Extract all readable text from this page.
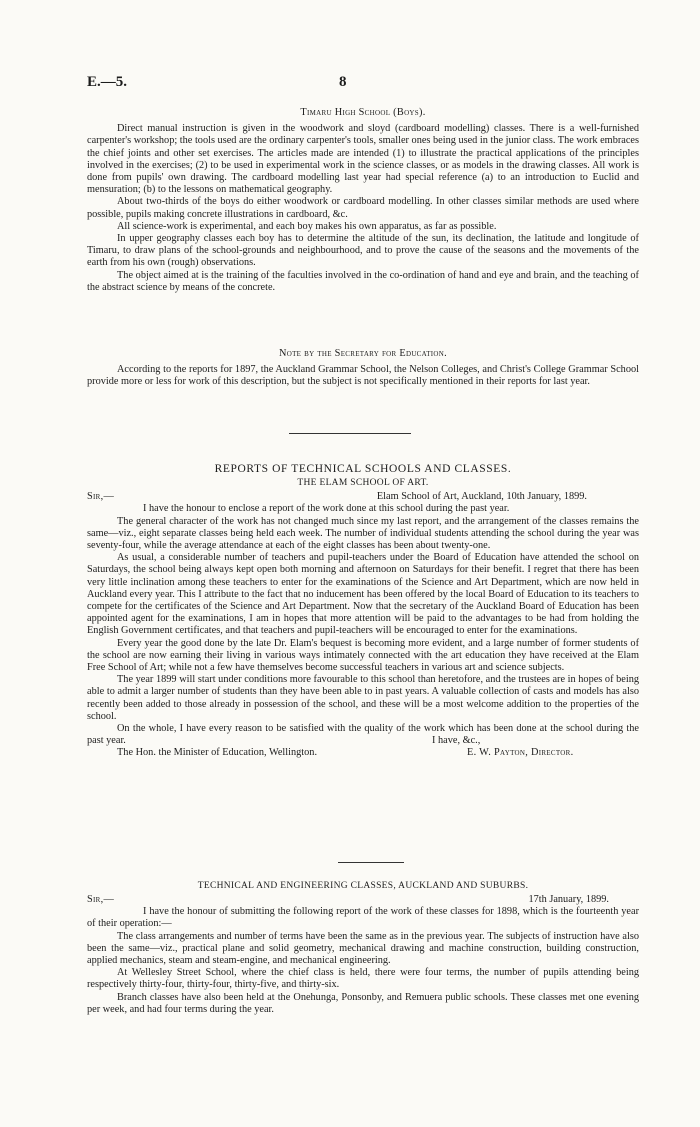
E.—5.	8
Timaru High School (Boys).

Direct manual instruction is given in the woodwork and sloyd (cardboard modelling) classes. There is a well-furnished carpenter's workshop; the tools used are the ordinary carpenter's tools, smaller ones being used in the junior class. The work embraces the chief joints and other set exercises. The articles made are intended (1) to illustrate the practical applications of the principles involved in the exercises; (2) to be used in experimental work in the science classes, or as models in the drawing classes. All work is done from pupils' own drawing. The cardboard modelling last year had special reference (a) to an introduction to Euclid and mensuration; (b) to the lessons on mathematical geography.

About two-thirds of the boys do either woodwork or cardboard modelling. In other classes similar methods are used where possible, pupils making concrete illustrations in cardboard, &c.

All science-work is experimental, and each boy makes his own apparatus, as far as possible.

In upper geography classes each boy has to determine the altitude of the sun, its declination, the latitude and longitude of Timaru, to draw plans of the school-grounds and neighbourhood, and to prove the cause of the seasons and the movements of the earth from his own (rough) observations.

The object aimed at is the training of the faculties involved in the co-ordination of hand and eye and brain, and the teaching of the abstract science by means of the concrete.

Note by the Secretary for Education.

According to the reports for 1897, the Auckland Grammar School, the Nelson Colleges, and Christ's College Grammar School provide more or less for work of this description, but the subject is not specifically mentioned in their reports for last year.

REPORTS OF TECHNICAL SCHOOLS AND CLASSES.
THE ELAM SCHOOL OF ART.
Sir,—	Elam School of Art, Auckland, 10th January, 1899.

I have the honour to enclose a report of the work done at this school during the past year.

The general character of the work has not changed much since my last report, and the arrangement of the classes remains the same—viz., eight separate classes being held each week. The number of individual students attending the school during the year was seventy-four, while the average attendance at each of the eight classes has been about twenty-one.

As usual, a considerable number of teachers and pupil-teachers under the Board of Education have attended the school on Saturdays, the school being always kept open both morning and afternoon on Saturdays for their benefit. I regret that there has been very little inclination among these teachers to enter for the examinations of the Science and Art Department, which are now held in Auckland every year. This I attribute to the fact that no inducement has been offered by the local Board of Education to its teachers to compete for the certificates of the Science and Art Department. Now that the secretary of the Auckland Board of Education has been appointed agent for the examinations, I am in hopes that more attention will be paid to the advantages to be had from holding the English Government certificates, and that teachers and pupil-teachers will be encouraged to enter for the examinations.

Every year the good done by the late Dr. Elam's bequest is becoming more evident, and a large number of former students of the school are now earning their living in various ways intimately connected with the art education they have received at the Elam Free School of Art; while not a few have themselves become successful teachers in various art and science subjects.

The year 1899 will start under conditions more favourable to this school than heretofore, and the trustees are in hopes of being able to admit a larger number of students than they have been able to in past years. A valuable collection of casts and models has also recently been added to those already in possession of the school, and these will be a most welcome addition to the properties of the school.

On the whole, I have every reason to be satisfied with the quality of the work which has been done at the school during the past year.	I have, &c.,
The Hon. the Minister of Education, Wellington.	E. W. Payton, Director.
TECHNICAL AND ENGINEERING CLASSES, AUCKLAND AND SUBURBS.
Sir,—	17th January, 1899.

I have the honour of submitting the following report of the work of these classes for 1898, which is the fourteenth year of their operation:—

The class arrangements and number of terms have been the same as in the previous year. The subjects of instruction have also been the same—viz., practical plane and solid geometry, mechanical drawing and machine construction, building construction, applied mechanics, steam and steam-engine, and mechanical engineering.

At Wellesley Street School, where the chief class is held, there were four terms, the number of pupils attending being respectively thirty-four, thirty-four, thirty-five, and thirty-six.

Branch classes have also been held at the Onehunga, Ponsonby, and Remuera public schools. These classes met one evening per week, and had four terms during the year.
